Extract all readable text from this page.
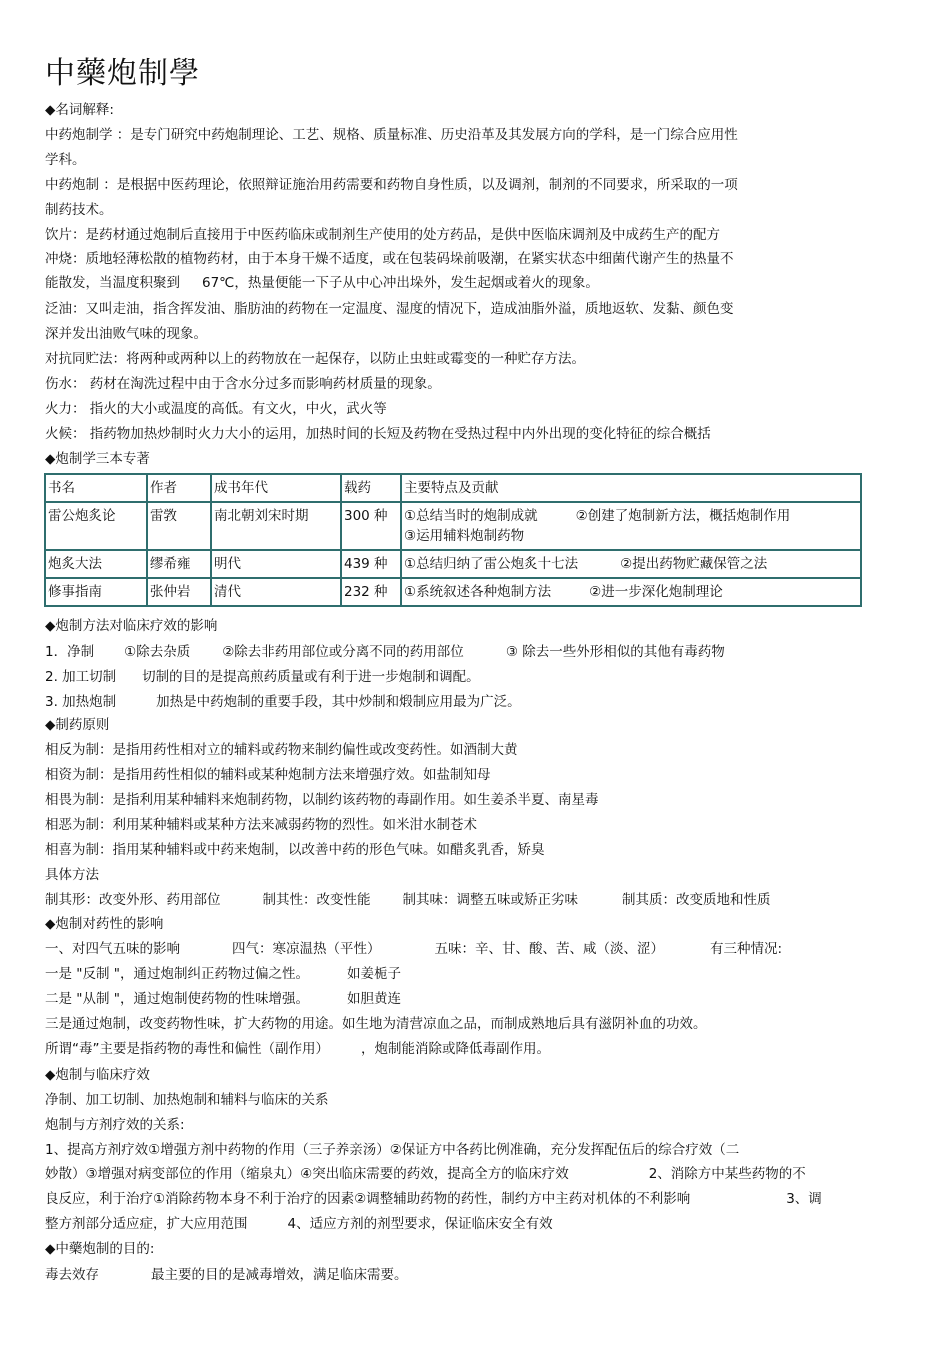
中藥炮制學
◆名词解释:
中药炮制学 ：是专门研究中药炮制理论、工艺、规格、质量标准、历史沿革及其发展方向的学科，是一门综合应用性
学科。
中药炮制 ：是根据中医药理论，依照辩证施治用药需要和药物自身性质，以及调剂，制剂的不同要求，所采取的一项
制药技术。
饮片：是药材通过炮制后直接用于中医药临床或制剂生产使用的处方药品，是供中医临床调剂及中成药生产的配方
冲烧：质地轻薄松散的植物药材，由于本身干燥不适度，或在包装码垛前吸潮，在紧实状态中细菌代谢产生的热量不
能散发，当温度积聚到 67℃，热量便能一下子从中心冲出垛外，发生起烟或着火的现象。
泛油：又叫走油，指含挥发油、脂肪油的药物在一定温度、湿度的情况下，造成油脂外溢，质地返软、发黏、颜色变
深并发出油败气味的现象。
对抗同贮法：将两种或两种以上的药物放在一起保存，以防止虫蛀或霉变的一种贮存方法。
伤水： 药材在淘洗过程中由于含水分过多而影响药材质量的现象。
火力： 指火的大小或温度的高低。有文火，中火，武火等
火候： 指药物加热炒制时火力大小的运用，加热时间的长短及药物在受热过程中内外出现的变化特征的综合概括
◆炮制学三本专著
书名	作者	成书年代	载药	主要特点及贡献
雷公炮炙论	雷敩	南北朝刘宋时期	300 种	①总结当时的炮制成就 ②创建了炮制新方法，概括炮制作用
③运用辅料炮制药物
炮炙大法	缪希雍	明代	439 种	①总结归纳了雷公炮炙十七法 ②提出药物贮藏保管之法
修事指南	张仲岩	清代	232 种	①系统叙述各种炮制方法 ②进一步深化炮制理论
◆炮制方法对临床疗效的影响
1．净制 ①除去杂质 ②除去非药用部位或分离不同的药用部位	③ 除去一些外形相似的其他有毒药物
2. 加工切制 切制的目的是提高煎药质量或有利于进一步炮制和调配。
3. 加热炮制	加热是中药炮制的重要手段，其中炒制和煅制应用最为广泛。
◆制药原则
相反为制：是指用药性相对立的辅料或药物来制约偏性或改变药性。如酒制大黄
相资为制：是指用药性相似的辅料或某种炮制方法来增强疗效。如盐制知母
相畏为制：是指利用某种辅料来炮制药物，以制约该药物的毒副作用。如生姜杀半夏、南星毒
相恶为制：利用某种辅料或某种方法来减弱药物的烈性。如米泔水制苍术
相喜为制：指用某种辅料或中药来炮制，以改善中药的形色气味。如醋炙乳香，矫臭
具体方法
制其形：改变外形、药用部位	制其性：改变性能 制其味：调整五味或矫正劣味	制其质：改变质地和性质
◆炮制对药性的影响
一、对四气五味的影响	四气：寒凉温热（平性）	五味：辛、甘、酸、苦、咸（淡、涩）	有三种情况:
一是 "反制 "，通过炮制纠正药物过偏之性。	如姜栀子
二是 "从制 "，通过炮制使药物的性味增强。	如胆黄连
三是通过炮制，改变药物性味，扩大药物的用途。如生地为清营凉血之品，而制成熟地后具有滋阴补血的功效。
所谓“毒”主要是指药物的毒性和偏性（副作用） ，炮制能消除或降低毒副作用。
◆炮制与临床疗效
净制、加工切制、加热炮制和辅料与临床的关系
炮制与方剂疗效的关系:
1、提高方剂疗效①增强方剂中药物的作用（三子养亲汤）②保证方中各药比例准确，充分发挥配伍后的综合疗效（二
妙散）③增强对病变部位的作用（缩泉丸）④突出临床需要的药效，提高全方的临床疗效	2、消除方中某些药物的不
良反应，利于治疗①消除药物本身不利于治疗的因素②调整辅助药物的药性，制约方中主药对机体的不利影响	3、调
整方剂部分适应症，扩大应用范围	4、适应方剂的剂型要求，保证临床安全有效
◆中藥炮制的目的:
毒去效存	最主要的目的是减毒增效，满足临床需要。
